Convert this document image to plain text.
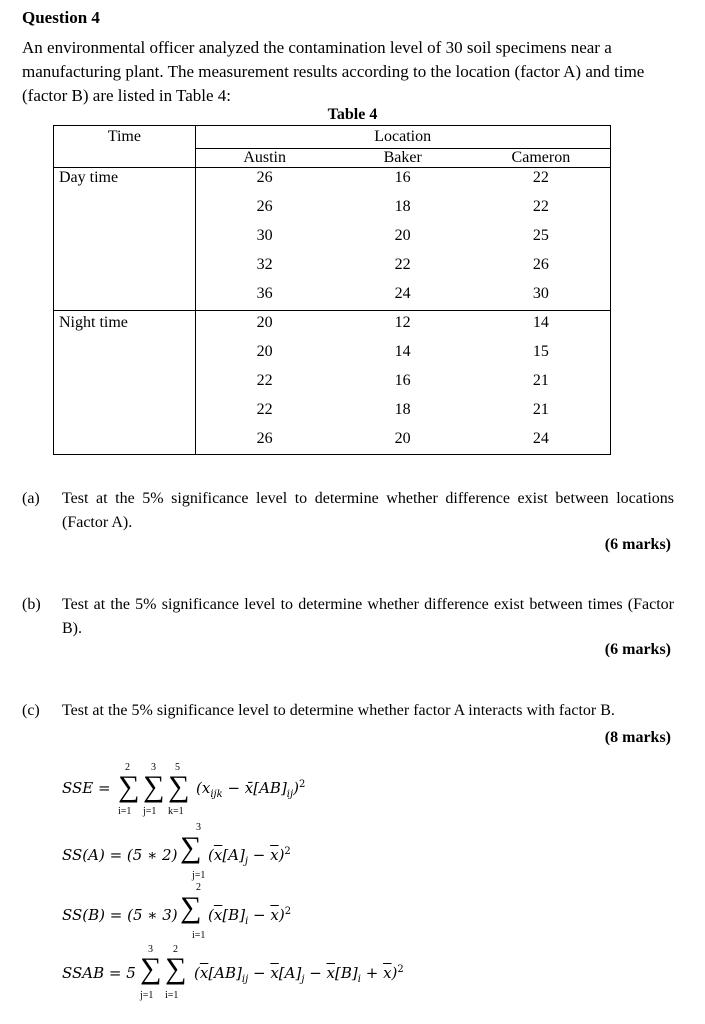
Question 4
An environmental officer analyzed the contamination level of 30 soil specimens near a manufacturing plant. The measurement results according to the location (factor A) and time (factor B) are listed in Table 4:
Table 4
Time		Location	
	Austin	Baker	Cameron
Day time	26	16	22
	26	18	22
	30	20	25
	32	22	26
	36	24	30
Night time	20	12	14
	20	14	15
	22	16	21
	22	18	21
	26	20	24
(a) Test at the 5% significance level to determine whether difference exist between locations (Factor A).
(6 marks)
(b) Test at the 5% significance level to determine whether difference exist between times (Factor B).
(6 marks)
(c) Test at the 5% significance level to determine whether factor A interacts with factor B.
(8 marks)
SSE =
2 3 5
∑ ∑ ∑
i=1 j=1 k=1
($x_{ijk}$ − $x̄[AB]_{ij})^2$
SS(A) = (5 ∗ 2)
3
∑
j=1
$(\overline{x}[A]_j - \overline{x})^2$
SS(B) = (5 ∗ 3)
2
∑
i=1
$(\overline{x}[B]_i - \overline{x})^2$
SSAB = 5
3 2
∑ ∑
j=1 i=1
$(\overline{x}[AB]_{ij} - \overline{x}[A]_j - \overline{x}[B]_i + \overline{x})^2$
